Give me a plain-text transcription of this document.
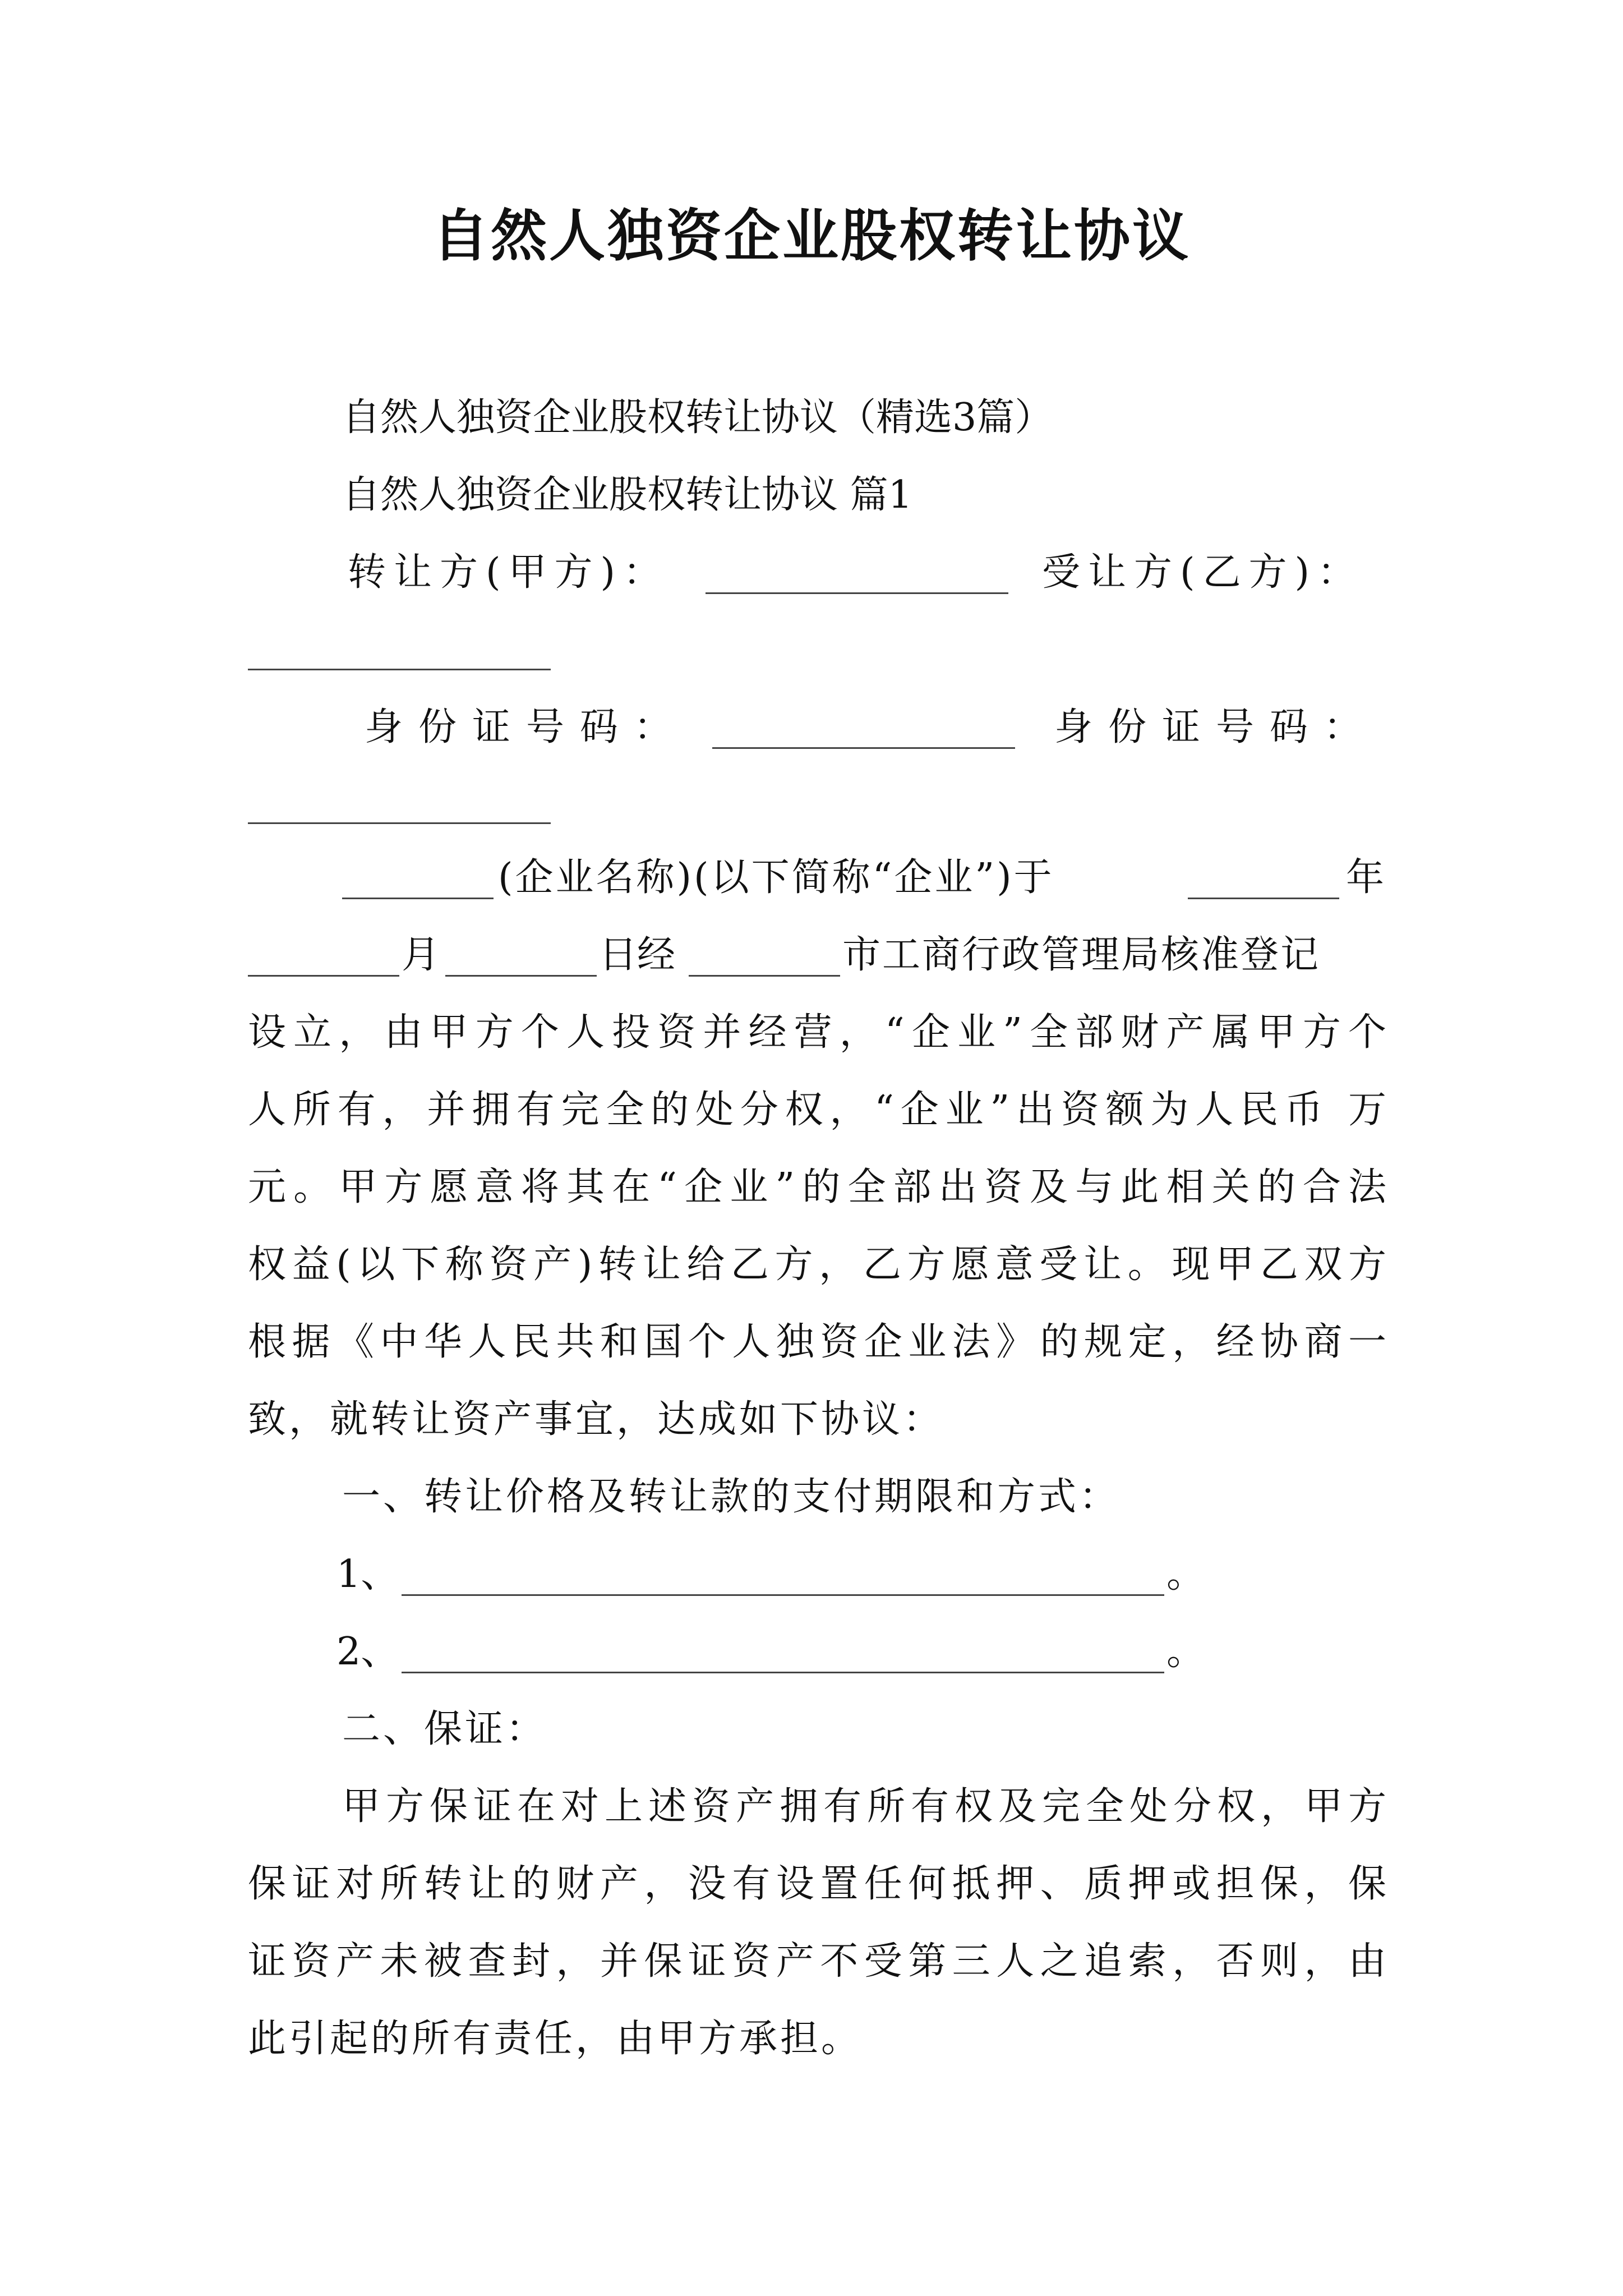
自然人独资企业股权转让协议
自然人独资企业股权转让协议（精选3篇）
自然人独资企业股权转让协议 篇1
转让方(甲方)：	受让方(乙方)：
身份证号码：	身份证号码：
(企业名称)(以下简称“企业”)于	年
月	日经	市工商行政管理局核准登记
设立，由甲方个人投资并经营，“企业”全部财产属甲方个
人所有，并拥有完全的处分权，“企业”出资额为人民币 万
元。甲方愿意将其在“企业”的全部出资及与此相关的合法
权益(以下称资产)转让给乙方，乙方愿意受让。现甲乙双方
根据《中华人民共和国个人独资企业法》的规定，经协商一
致，就转让资产事宜，达成如下协议：
一、转让价格及转让款的支付期限和方式：
1、	。
2、	。
二、保证：
甲方保证在对上述资产拥有所有权及完全处分权，甲方
保证对所转让的财产，没有设置任何抵押、质押或担保，保
证资产未被查封，并保证资产不受第三人之追索，否则，由
此引起的所有责任，由甲方承担。
